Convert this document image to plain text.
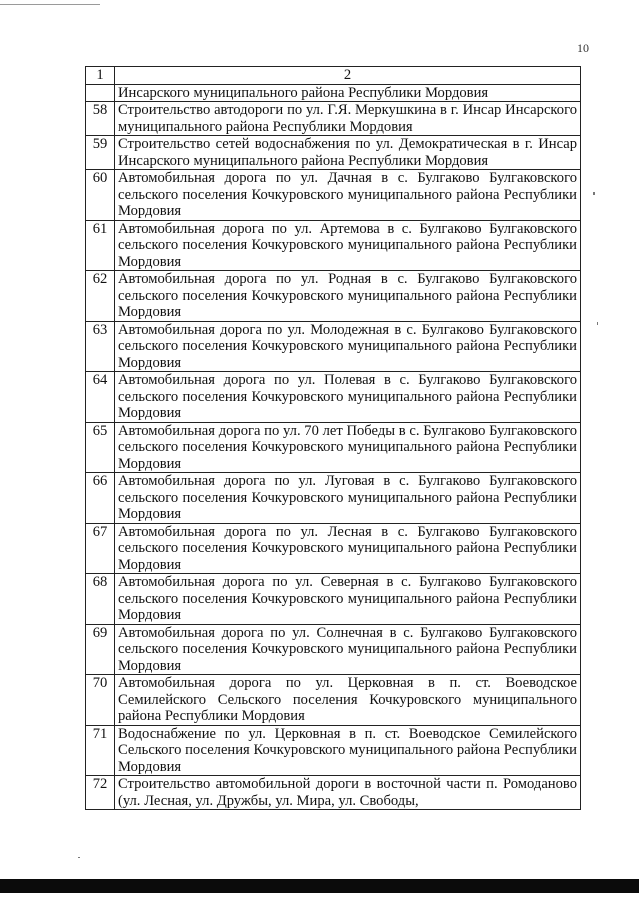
10
1	2
	Инсарского муниципального района Республики Мордовия
58	Строительство автодороги по ул. Г.Я. Меркушкина в г. Инсар Инсарского муниципального района Республики Мордовия
59	Строительство сетей водоснабжения по ул. Демократическая в г. Инсар Инсарского муниципального района Республики Мордовия
60	Автомобильная дорога по ул. Дачная в с. Булгаково Булгаковского сельского поселения Кочкуровского муниципального района Республики Мордовия
61	Автомобильная дорога по ул. Артемова в с. Булгаково Булгаковского сельского поселения Кочкуровского муниципального района Республики Мордовия
62	Автомобильная дорога по ул. Родная в с. Булгаково Булгаковского сельского поселения Кочкуровского муниципального района Республики Мордовия
63	Автомобильная дорога по ул. Молодежная в с. Булгаково Булгаковского сельского поселения Кочкуровского муниципального района Республики Мордовия
64	Автомобильная дорога по ул. Полевая в с. Булгаково Булгаковского сельского поселения Кочкуровского муниципального района Республики Мордовия
65	Автомобильная дорога по ул. 70 лет Победы в с. Булгаково Булгаковского сельского поселения Кочкуровского муниципального района Республики Мордовия
66	Автомобильная дорога по ул. Луговая в с. Булгаково Булгаковского сельского поселения Кочкуровского муниципального района Республики Мордовия
67	Автомобильная дорога по ул. Лесная в с. Булгаково Булгаковского сельского поселения Кочкуровского муниципального района Республики Мордовия
68	Автомобильная дорога по ул. Северная в с. Булгаково Булгаковского сельского поселения Кочкуровского муниципального района Республики Мордовия
69	Автомобильная дорога по ул. Солнечная в с. Булгаково Булгаковского сельского поселения Кочкуровского муниципального района Республики Мордовия
70	Автомобильная дорога по ул. Церковная в п. ст. Воеводское Семилейского Сельского поселения Кочкуровского муниципального района Республики Мордовия
71	Водоснабжение по ул. Церковная в п. ст. Воеводское Семилейского Сельского поселения Кочкуровского муниципального района Республики Мордовия
72	Строительство автомобильной дороги в восточной части п. Ромоданово (ул. Лесная, ул. Дружбы, ул. Мира, ул. Свободы,
